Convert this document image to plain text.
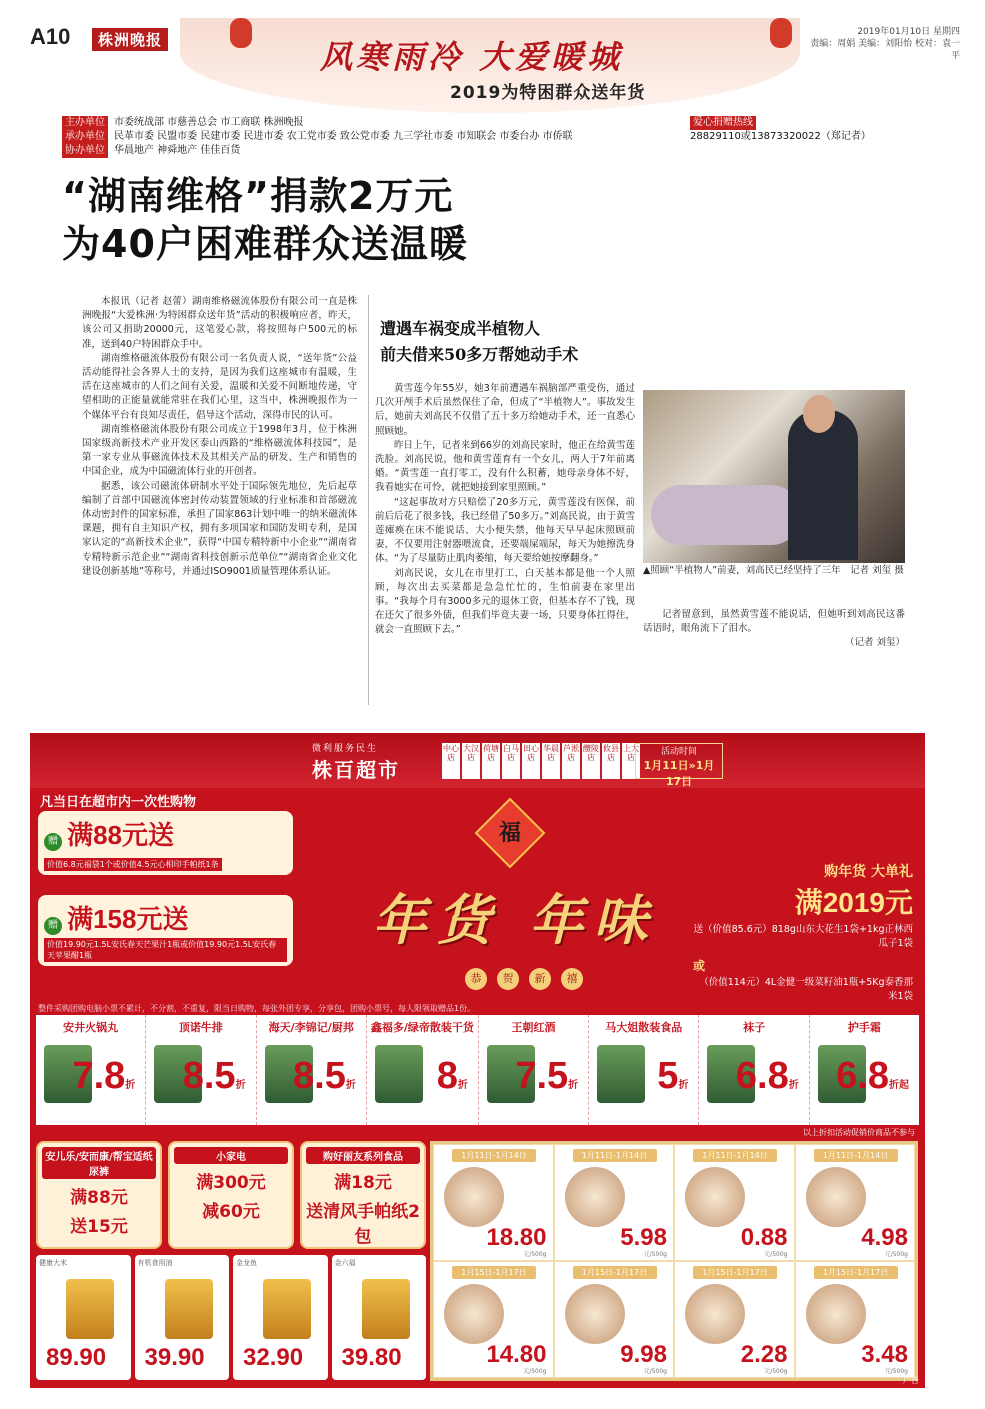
A10	株洲晚报	风寒雨冷 大爱暖城
2019为特困群众送年货
2019年01月10日 星期四
责编：周娟 美编：刘阳怡 校对：袁一平
主办单位 市委统战部 市慈善总会 市工商联 株洲晚报
承办单位 民革市委 民盟市委 民建市委 民进市委 农工党市委 致公党市委 九三学社市委 市知联会 市委台办 市侨联
协办单位 华晨地产 神舜地产 佳佳百货
爱心捐赠热线
28829110或13873320022（郑记者）
“湖南维格”捐款2万元
为40户困难群众送温暖

本报讯（记者 赵蕾）湖南维格磁流体股份有限公司一直是株洲晚报“大爱株洲·为特困群众送年货”活动的积极响应者，昨天，该公司又捐助20000元，这笔爱心款，将按照每户500元的标准，送到40户特困群众手中。

湖南维格磁流体股份有限公司一名负责人说，“送年货”公益活动能得社会各界人士的支持，是因为我们这座城市有温暖，生活在这座城市的人们之间有关爱，温暖和关爱不间断地传递，守望相助的正能量就能常驻在我们心里，这当中，株洲晚报作为一个媒体平台有良知尽责任，倡导这个活动，深得市民的认可。

湖南维格磁流体股份有限公司成立于1998年3月，位于株洲国家级高新技术产业开发区泰山西路的“维格磁流体科技园”，是第一家专业从事磁流体技术及其相关产品的研发、生产和销售的中国企业，成为中国磁流体行业的开创者。

据悉，该公司磁流体研制水平处于国际领先地位，先后起草编制了首部中国磁流体密封传动装置领域的行业标准和首部磁流体动密封件的国家标准，承担了国家863计划中唯一的纳米磁流体课题，拥有自主知识产权，拥有多项国家和国防发明专利，是国家认定的“高新技术企业”，获得“中国专精特新中小企业”“湖南省专精特新示范企业”“湖南省科技创新示范单位”“湖南省企业文化建设创新基地”等称号，并通过ISO9001质量管理体系认证。

遭遇车祸变成半植物人
前夫借来50多万帮她动手术

黄雪莲今年55岁，她3年前遭遇车祸脑部严重受伤，通过几次开颅手术后虽然保住了命，但成了“半植物人”。事故发生后，她前夫刘高民不仅借了五十多万给她动手术，还一直悉心照顾她。

昨日上午，记者来到66岁的刘高民家时，他正在给黄雪莲洗脸。刘高民说，他和黄雪莲育有一个女儿，两人于7年前离婚。“黄雪莲一直打零工，没有什么积蓄，她母亲身体不好，我看她实在可怜，就把她接到家里照顾。”

“这起事故对方只赔偿了20多万元，黄雪莲没有医保，前前后后花了很多钱，我已经借了50多万。”刘高民说，由于黄雪莲瘫痪在床不能说话、大小便失禁，他每天早早起床照顾前妻，不仅要用注射器喂流食，还要端屎端尿，每天为她擦洗身体。“为了尽量防止肌肉萎缩，每天要给她按摩翻身。”

刘高民说，女儿在市里打工，白天基本都是他一个人照顾，每次出去买菜都是急急忙忙的，生怕前妻在家里出事。“我每个月有3000多元的退休工资，但基本存不了钱，现在还欠了很多外债，但我们毕竟夫妻一场，只要身体扛得住，就会一直照顾下去。”

▲照顾“半植物人”前妻，刘高民已经坚持了三年　记者 刘玺 摄

记者留意到，虽然黄雪莲不能说话，但她听到刘高民这番话语时，眼角流下了泪水。

（记者 刘玺）

微利服务民生
株百超市
中心店
大汉店
荷塘店
白马店
田心店
华晨店
芦淞店
醴陵店
攸县店
上大店
活动时间
1月11日»1月17日
凡当日在超市内一次性购物
赠 满88元送 价值6.8元福袋1个或价值4.5元心相印手帕纸1条
赠 满158元送 价值19.90元1.5L安氏春天芒果汁1瓶或价值19.90元1.5L安氏春天苹果醋1瓶
福
年货 年味
恭	贺	新	禧
购年货 大单礼
满2019元
送（价值85.6元）818g山东大花生1袋+1kg正林西瓜子1袋
或
（价值114元）4L金健一级菜籽油1瓶+5Kg泰香那米1袋
整件采购团购电脑小票不累计，不分割，不重复，限当日购物，每张外团专享，分享包，团购小票号，每人限领取赠品1份。
安井火锅丸
7.8折
顶诺牛排
8.5折
海天/李锦记/厨邦
8.5折
鑫福多/绿帝散装干货
8折
王朝红酒
7.5折
马大姐散装食品
5折
袜子
6.8折
护手霜
6.8折起
以上折扣活动促销价商品不参与
安儿乐/安而康/帮宝适纸尿裤
满88元
送15元
小家电
满300元
减60元
购好丽友系列食品
满18元
送清风手帕纸2包
健康大米
89.90
有机食用油
39.90
金龙鱼
32.90
金六福
39.80
1月11日-1月14日
18.80
元/500g
1月11日-1月14日
5.98
元/500g
1月11日-1月14日
0.88
元/500g
1月11日-1月14日
4.98
元/500g
1月15日-1月17日
14.80
元/500g
1月15日-1月17日
9.98
元/500g
1月15日-1月17日
2.28
元/500g
1月15日-1月17日
3.48
元/500g
广告
